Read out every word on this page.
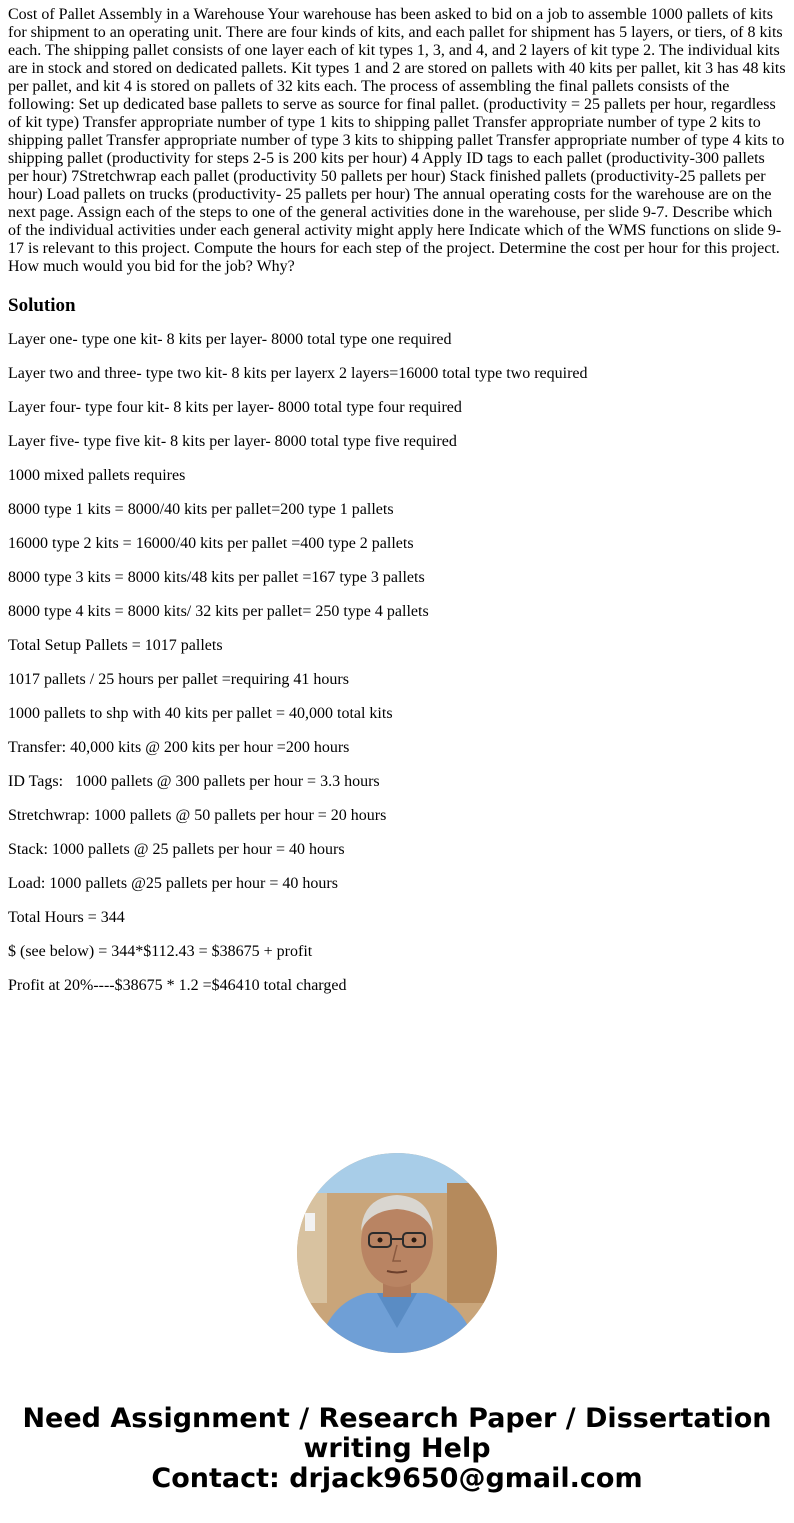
Cost of Pallet Assembly in a Warehouse Your warehouse has been asked to bid on a job to assemble 1000 pallets of kits for shipment to an operating unit. There are four kinds of kits, and each pallet for shipment has 5 layers, or tiers, of 8 kits each. The shipping pallet consists of one layer each of kit types 1, 3, and 4, and 2 layers of kit type 2. The individual kits are in stock and stored on dedicated pallets. Kit types 1 and 2 are stored on pallets with 40 kits per pallet, kit 3 has 48 kits per pallet, and kit 4 is stored on pallets of 32 kits each. The process of assembling the final pallets consists of the following: Set up dedicated base pallets to serve as source for final pallet. (productivity = 25 pallets per hour, regardless of kit type) Transfer appropriate number of type 1 kits to shipping pallet Transfer appropriate number of type 2 kits to shipping pallet Transfer appropriate number of type 3 kits to shipping pallet Transfer appropriate number of type 4 kits to shipping pallet (productivity for steps 2-5 is 200 kits per hour) 4 Apply ID tags to each pallet (productivity-300 pallets per hour) 7Stretchwrap each pallet (productivity 50 pallets per hour) Stack finished pallets (productivity-25 pallets per hour) Load pallets on trucks (productivity- 25 pallets per hour) The annual operating costs for the warehouse are on the next page. Assign each of the steps to one of the general activities done in the warehouse, per slide 9-7. Describe which of the individual activities under each general activity might apply here Indicate which of the WMS functions on slide 9-17 is relevant to this project. Compute the hours for each step of the project. Determine the cost per hour for this project. How much would you bid for the job? Why?

Solution
Layer one- type one kit- 8 kits per layer- 8000 total type one required
Layer two and three- type two kit- 8 kits per layerx 2 layers=16000 total type two required
Layer four- type four kit- 8 kits per layer- 8000 total type four required
Layer five- type five kit- 8 kits per layer- 8000 total type five required
1000 mixed pallets requires
8000 type 1 kits = 8000/40 kits per pallet=200 type 1 pallets
16000 type 2 kits = 16000/40 kits per pallet =400 type 2 pallets
8000 type 3 kits = 8000 kits/48 kits per pallet =167 type 3 pallets
8000 type 4 kits = 8000 kits/ 32 kits per pallet= 250 type 4 pallets
Total Setup Pallets = 1017 pallets
1017 pallets / 25 hours per pallet =requiring 41 hours
1000 pallets to shp with 40 kits per pallet = 40,000 total kits
Transfer: 40,000 kits @ 200 kits per hour =200 hours
ID Tags:   1000 pallets @ 300 pallets per hour = 3.3 hours
Stretchwrap: 1000 pallets @ 50 pallets per hour = 20 hours
Stack: 1000 pallets @ 25 pallets per hour = 40 hours
Load: 1000 pallets @25 pallets per hour = 40 hours
Total Hours = 344
$ (see below) = 344*$112.43 = $38675 + profit
Profit at 20%----$38675 * 1.2 =$46410 total charged
Need Assignment / Research Paper / Dissertation
writing Help
Contact: drjack9650@gmail.com
